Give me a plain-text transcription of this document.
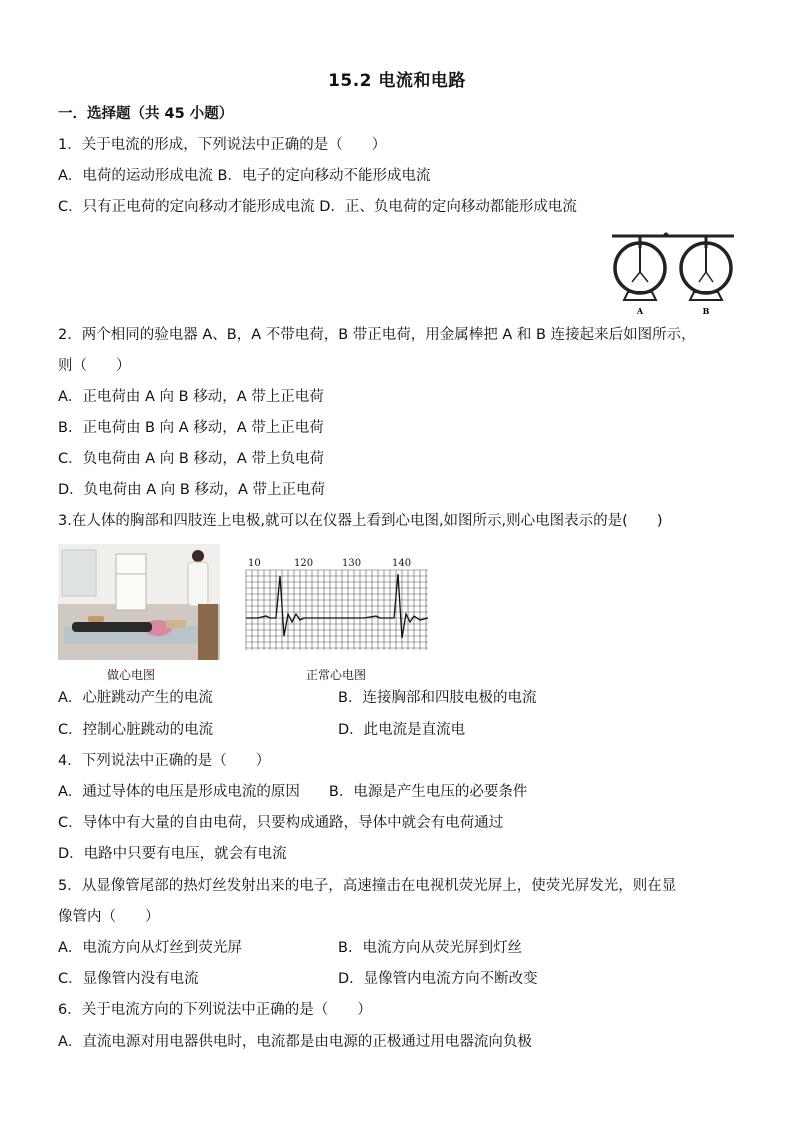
15.2 电流和电路
一．选择题（共 45 小题）
1．关于电流的形成，下列说法中正确的是（　　）
A．电荷的运动形成电流 B．电子的定向移动不能形成电流
C．只有正电荷的定向移动才能形成电流 D．正、负电荷的定向移动都能形成电流
A	B
2．两个相同的验电器 A、B，A 不带电荷，B 带正电荷，用金属棒把 A 和 B 连接起来后如图所示，
则（　　）
A．正电荷由 A 向 B 移动，A 带上正电荷
B．正电荷由 B 向 A 移动，A 带上正电荷
C．负电荷由 A 向 B 移动，A 带上负电荷
D．负电荷由 A 向 B 移动，A 带上正电荷
3.在人体的胸部和四肢连上电极,就可以在仪器上看到心电图,如图所示,则心电图表示的是(　　)
做心电图
10	120	130	140
正常心电图
A．心脏跳动产生的电流	B．连接胸部和四肢电极的电流
C．控制心脏跳动的电流	D．此电流是直流电
4．下列说法中正确的是（　　）
A．通过导体的电压是形成电流的原因　　B．电源是产生电压的必要条件
C．导体中有大量的自由电荷，只要构成通路，导体中就会有电荷通过
D．电路中只要有电压，就会有电流
5．从显像管尾部的热灯丝发射出来的电子，高速撞击在电视机荧光屏上，使荧光屏发光，则在显
像管内（　　）
A．电流方向从灯丝到荧光屏	B．电流方向从荧光屏到灯丝
C．显像管内没有电流	D．显像管内电流方向不断改变
6．关于电流方向的下列说法中正确的是（　　）
A．直流电源对用电器供电时，电流都是由电源的正极通过用电器流向负极
